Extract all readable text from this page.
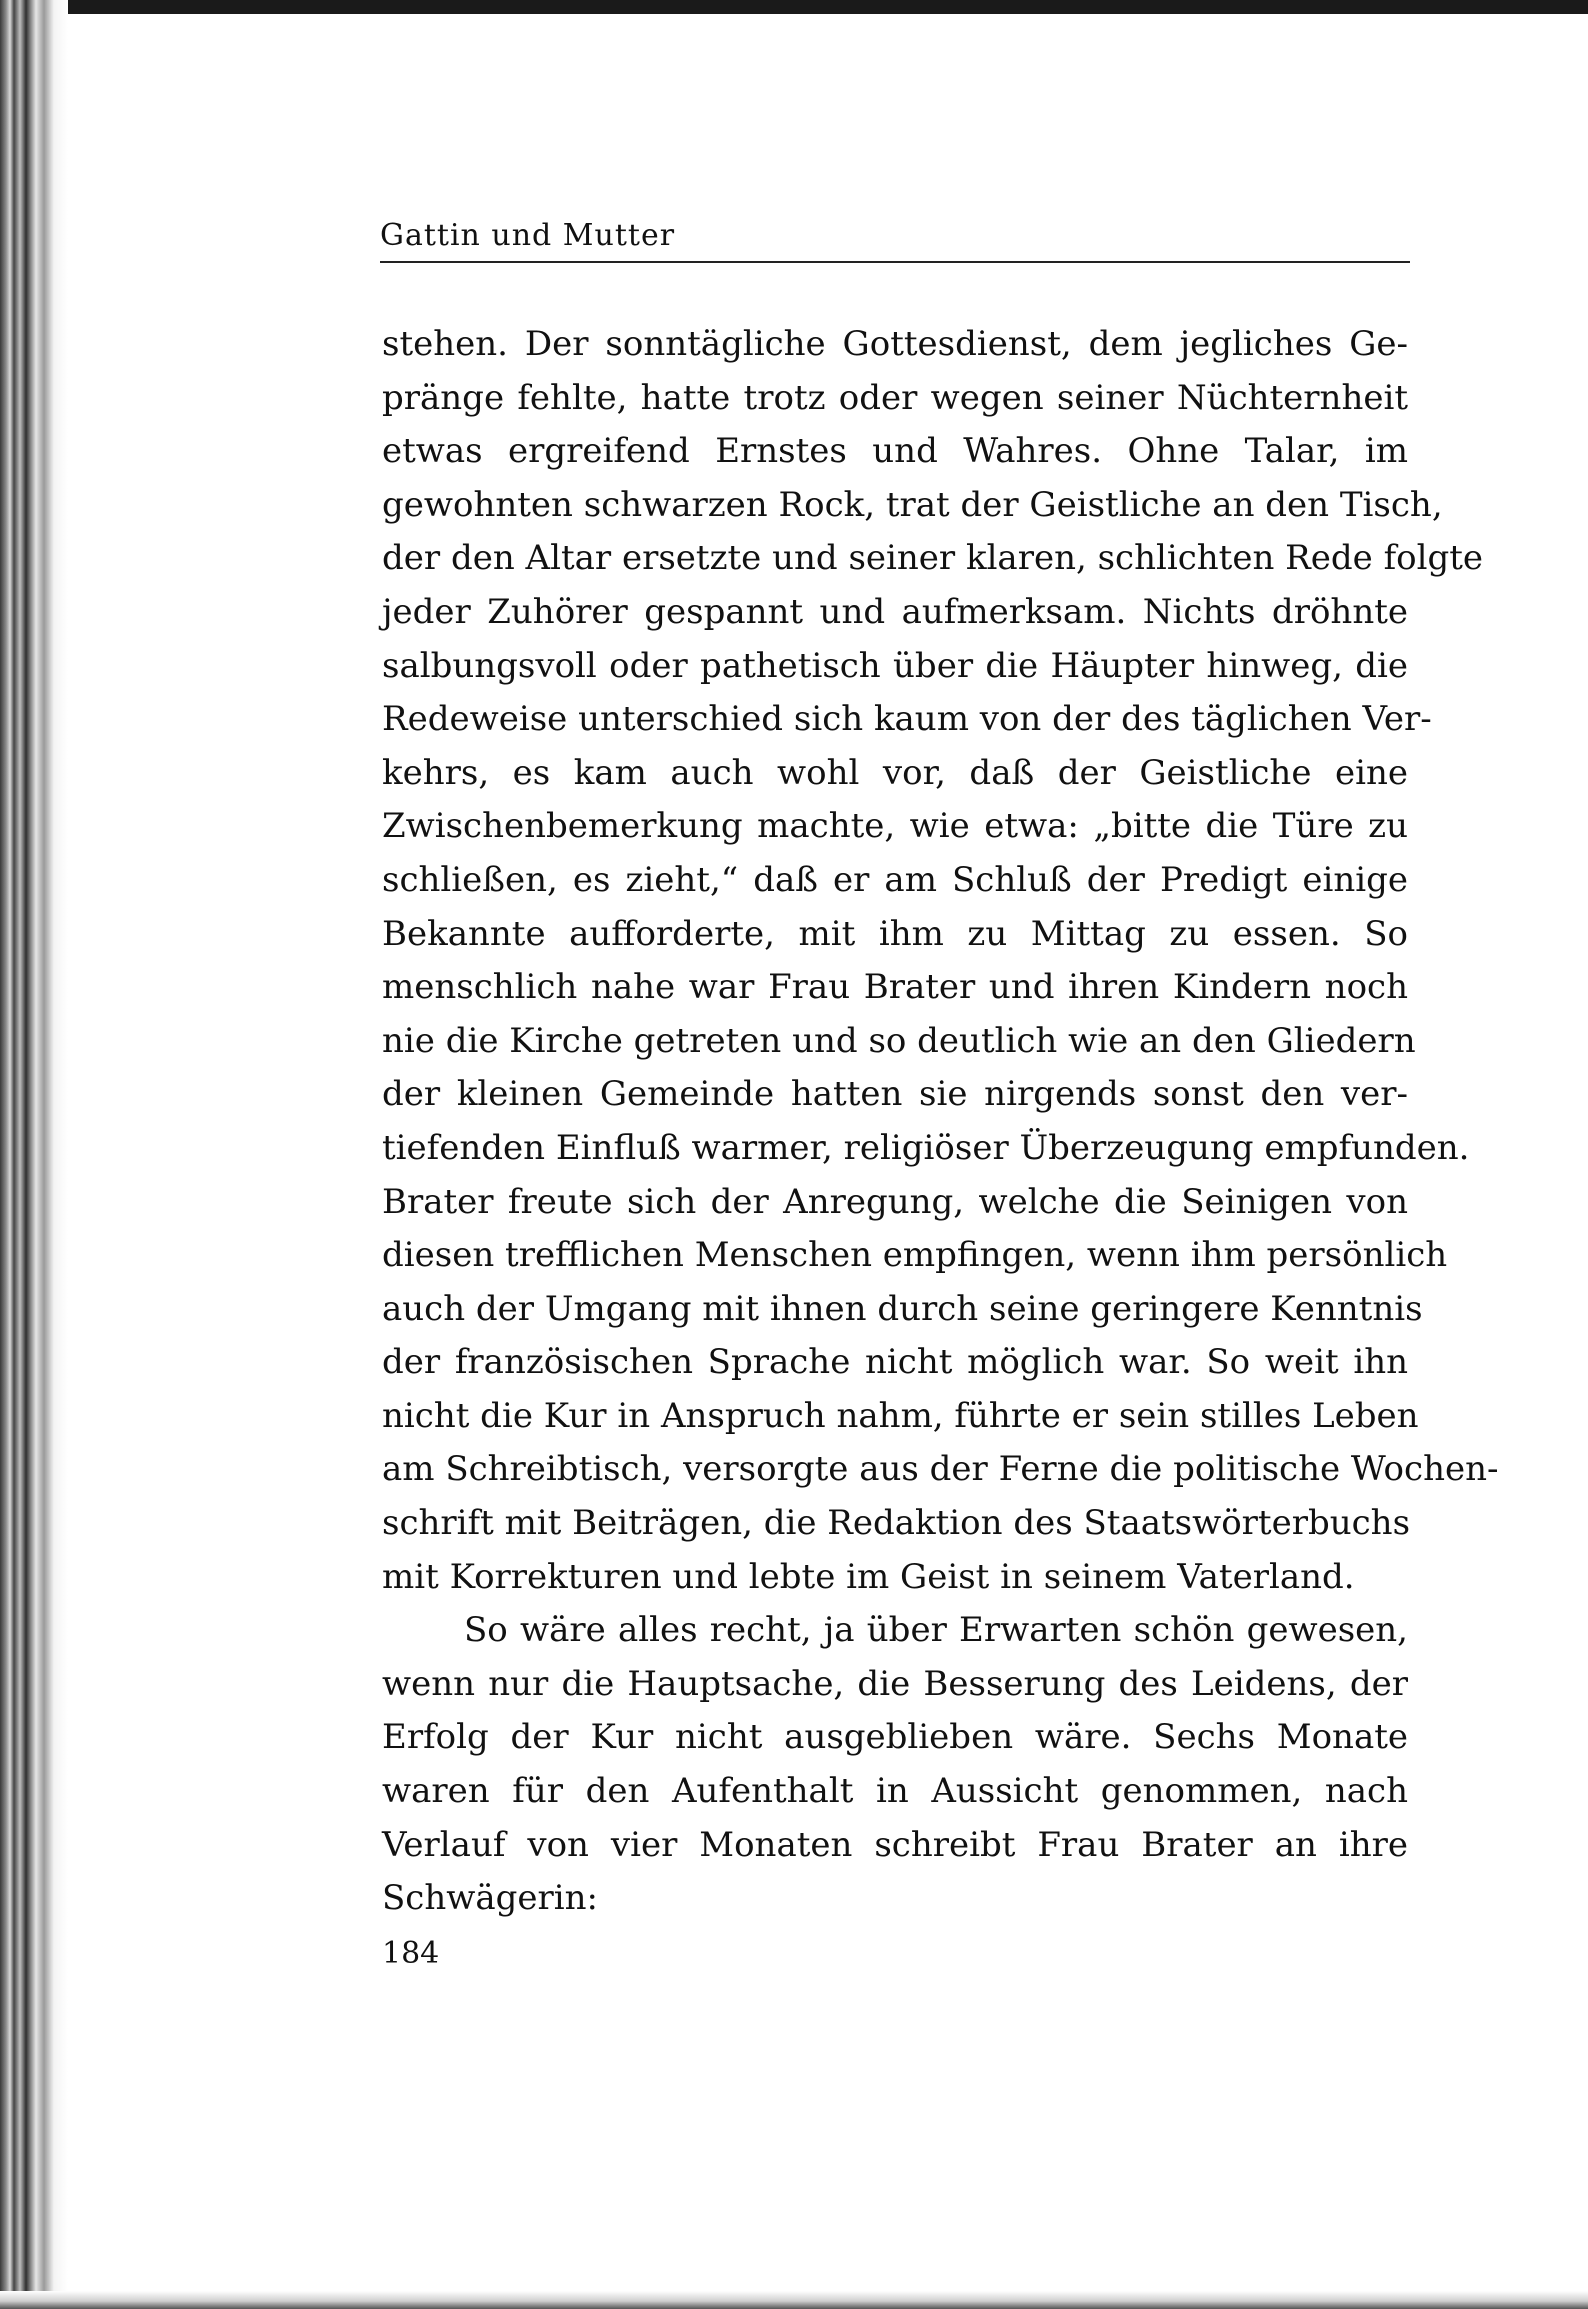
Gattin und Mutter
stehen. Der sonntägliche Gottesdienst, dem jegliches Ge-
pränge fehlte, hatte trotz oder wegen seiner Nüchternheit
etwas ergreifend Ernstes und Wahres. Ohne Talar, im
gewohnten schwarzen Rock, trat der Geistliche an den Tisch,
der den Altar ersetzte und seiner klaren, schlichten Rede folgte
jeder Zuhörer gespannt und aufmerksam. Nichts dröhnte
salbungsvoll oder pathetisch über die Häupter hinweg, die
Redeweise unterschied sich kaum von der des täglichen Ver-
kehrs, es kam auch wohl vor, daß der Geistliche eine
Zwischenbemerkung machte, wie etwa: „bitte die Türe zu
schließen, es zieht,“ daß er am Schluß der Predigt einige
Bekannte aufforderte, mit ihm zu Mittag zu essen. So
menschlich nahe war Frau Brater und ihren Kindern noch
nie die Kirche getreten und so deutlich wie an den Gliedern
der kleinen Gemeinde hatten sie nirgends sonst den ver-
tiefenden Einfluß warmer, religiöser Überzeugung empfunden.
Brater freute sich der Anregung, welche die Seinigen von
diesen trefflichen Menschen empfingen, wenn ihm persönlich
auch der Umgang mit ihnen durch seine geringere Kenntnis
der französischen Sprache nicht möglich war. So weit ihn
nicht die Kur in Anspruch nahm, führte er sein stilles Leben
am Schreibtisch, versorgte aus der Ferne die politische Wochen-
schrift mit Beiträgen, die Redaktion des Staatswörterbuchs
mit Korrekturen und lebte im Geist in seinem Vaterland.
So wäre alles recht, ja über Erwarten schön gewesen,
wenn nur die Hauptsache, die Besserung des Leidens, der
Erfolg der Kur nicht ausgeblieben wäre. Sechs Monate
waren für den Aufenthalt in Aussicht genommen, nach
Verlauf von vier Monaten schreibt Frau Brater an ihre
Schwägerin:
184
